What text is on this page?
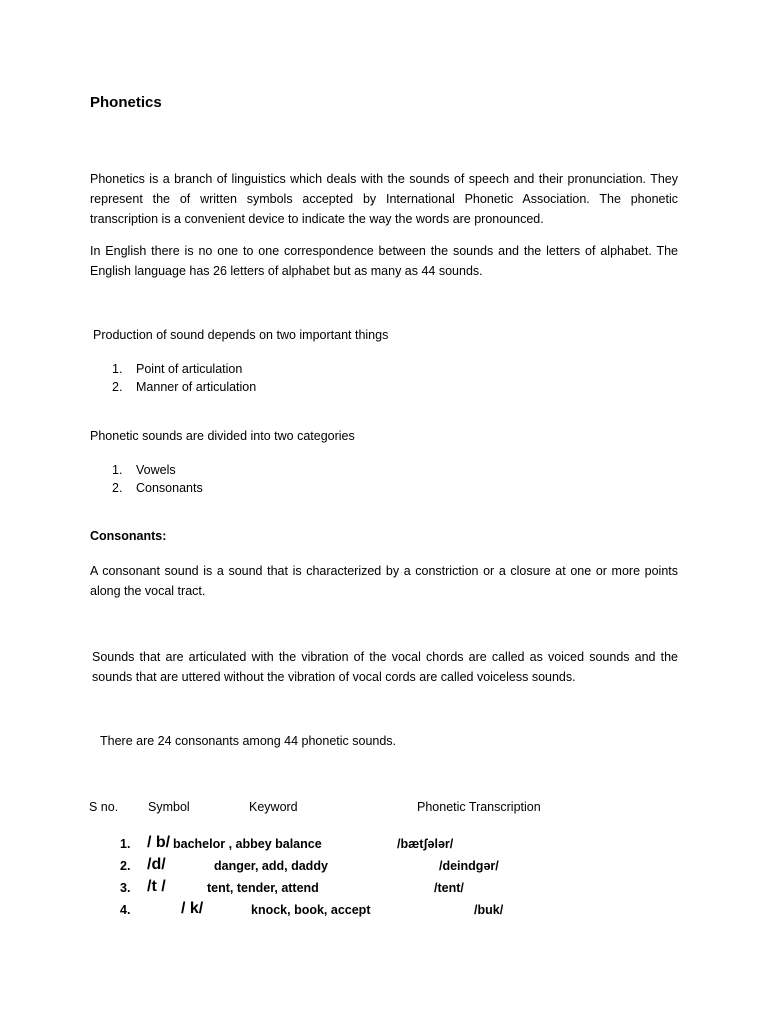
Phonetics

Phonetics is a branch of linguistics which deals with the sounds of speech and their pronunciation. They represent the of written symbols accepted by International Phonetic Association. The phonetic transcription is a convenient device to indicate the way the words are pronounced.

In English there is no one to one correspondence between the sounds and the letters of alphabet. The English language has 26 letters of alphabet but as many as 44 sounds.

Production of sound depends on two important things
1. Point of articulation
2. Manner of articulation
Phonetic sounds are divided into two categories
1. Vowels
2. Consonants
Consonants:

A consonant sound is a sound that is characterized by a constriction or a closure at one or more points along the vocal tract.

Sounds that are articulated with the vibration of the vocal chords are called as voiced sounds and the sounds that are uttered without the vibration of vocal cords are called voiceless sounds.

There are 24 consonants among 44 phonetic sounds.
S no. Symbol	Keyword	Phonetic Transcription
1. / b/ bachelor , abbey balance	/bætʃələr/
2. /d/	danger, add, daddy	/deindgər/
3. /t /	tent, tender, attend	/tent/
4.	/ k/	knock, book, accept	/buk/
